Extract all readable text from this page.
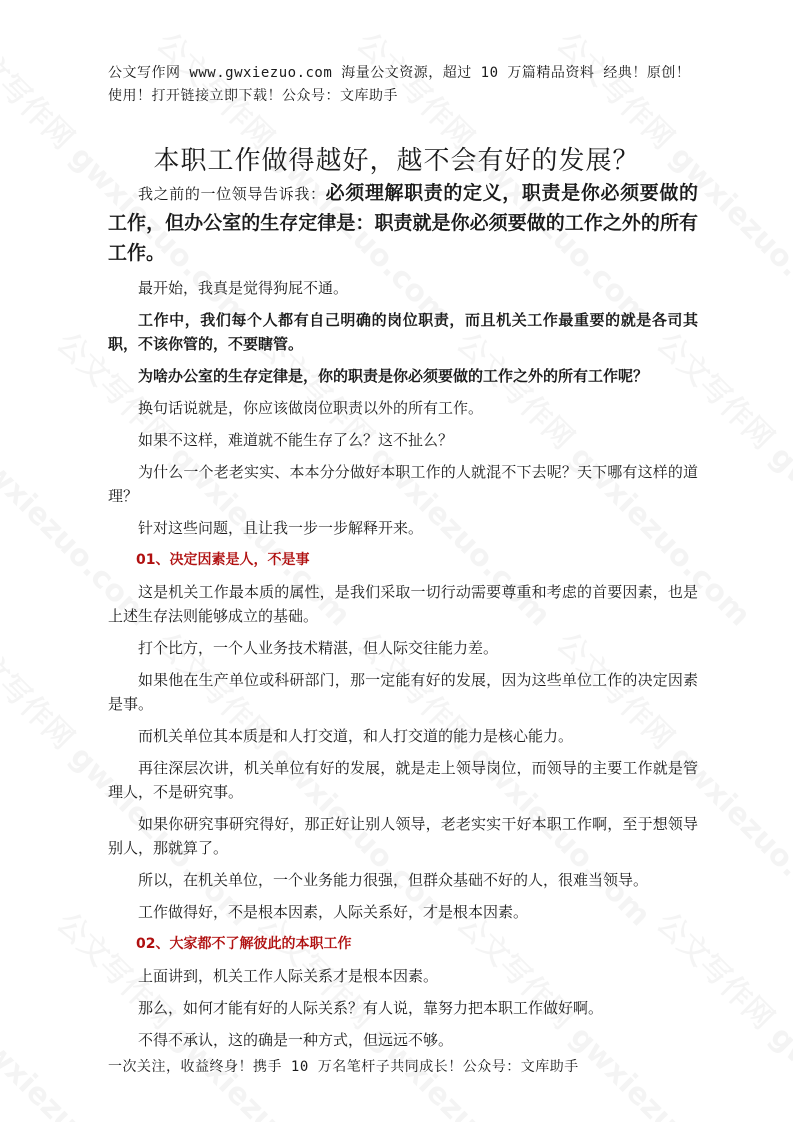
公文写作网 www.gwxiezuo.com 海量公文资源，超过 10 万篇精品资料 经典！原创！
使用！打开链接立即下载！公众号：文库助手
本职工作做得越好，越不会有好的发展？

我之前的一位领导告诉我：必须理解职责的定义，职责是你必须要做的工作，但办公室的生存定律是：职责就是你必须要做的工作之外的所有工作。

最开始，我真是觉得狗屁不通。

工作中，我们每个人都有自己明确的岗位职责，而且机关工作最重要的就是各司其职，不该你管的，不要瞎管。

为啥办公室的生存定律是，你的职责是你必须要做的工作之外的所有工作呢？

换句话说就是，你应该做岗位职责以外的所有工作。

如果不这样，难道就不能生存了么？这不扯么？

为什么一个老老实实、本本分分做好本职工作的人就混不下去呢？天下哪有这样的道理？

针对这些问题，且让我一步一步解释开来。

01、决定因素是人，不是事

这是机关工作最本质的属性，是我们采取一切行动需要尊重和考虑的首要因素，也是上述生存法则能够成立的基础。

打个比方，一个人业务技术精湛，但人际交往能力差。

如果他在生产单位或科研部门，那一定能有好的发展，因为这些单位工作的决定因素是事。

而机关单位其本质是和人打交道，和人打交道的能力是核心能力。

再往深层次讲，机关单位有好的发展，就是走上领导岗位，而领导的主要工作就是管理人，不是研究事。

如果你研究事研究得好，那正好让别人领导，老老实实干好本职工作啊，至于想领导别人，那就算了。

所以，在机关单位，一个业务能力很强，但群众基础不好的人，很难当领导。

工作做得好，不是根本因素，人际关系好，才是根本因素。

02、大家都不了解彼此的本职工作

上面讲到，机关工作人际关系才是根本因素。

那么，如何才能有好的人际关系？有人说，靠努力把本职工作做好啊。

不得不承认，这的确是一种方式，但远远不够。

一次关注，收益终身！携手 10 万名笔杆子共同成长！公众号：文库助手
